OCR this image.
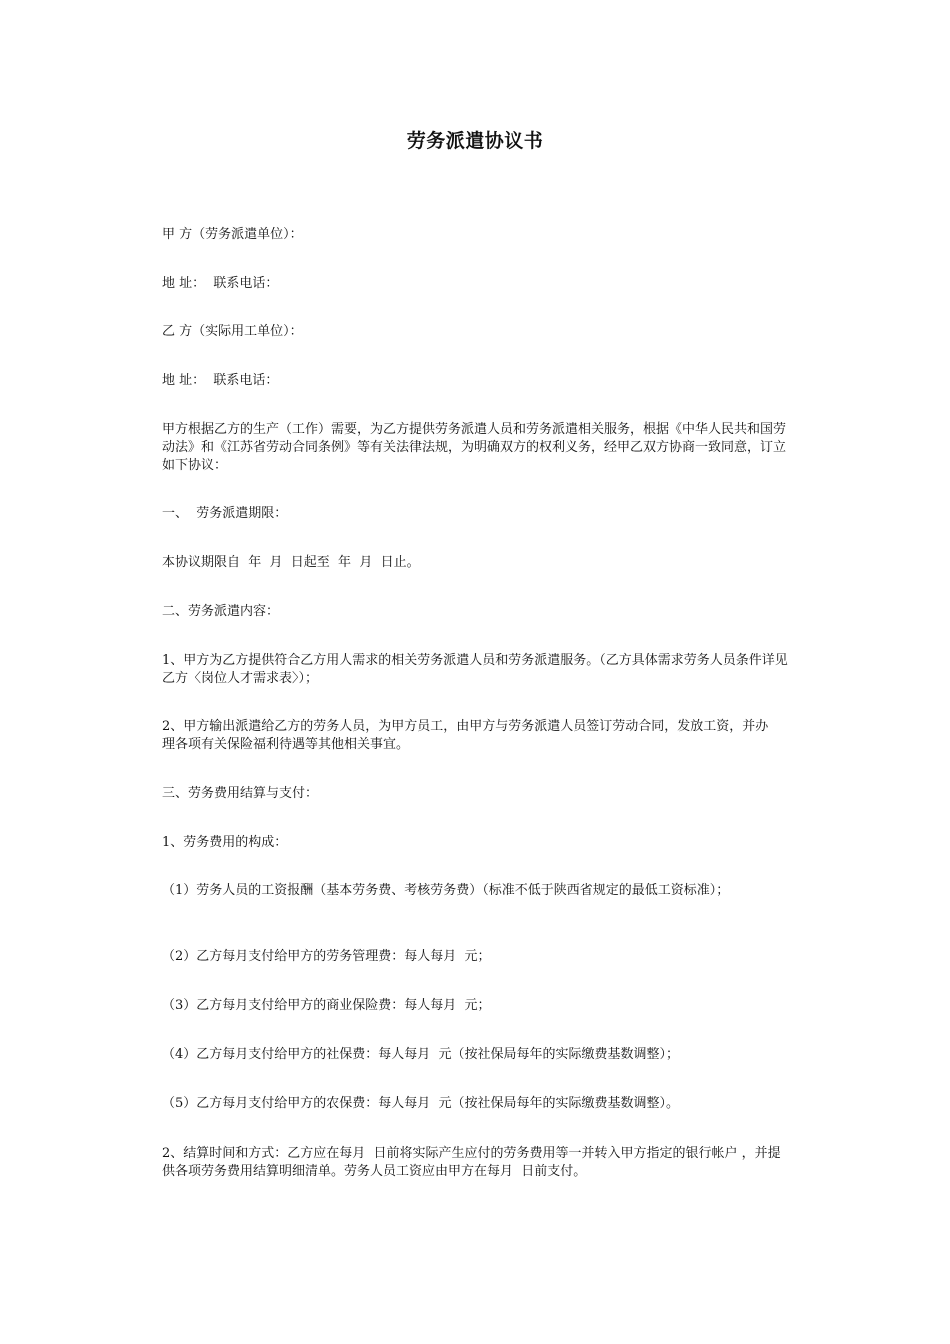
劳务派遣协议书
甲 方（劳务派遣单位）：
地 址：  联系电话：
乙 方（实际用工单位）：
地 址：  联系电话：
甲方根据乙方的生产（工作）需要，为乙方提供劳务派遣人员和劳务派遣相关服务，根据《中华人民共和国劳动法》和《江苏省劳动合同条例》等有关法律法规，为明确双方的权利义务，经甲乙双方协商一致同意，订立如下协议：
一、  劳务派遣期限：
本协议期限自  年  月  日起至  年  月  日止。
二、劳务派遣内容：
1、甲方为乙方提供符合乙方用人需求的相关劳务派遣人员和劳务派遣服务。（乙方具体需求劳务人员条件详见乙方〈岗位人才需求表〉）；
2、甲方输出派遣给乙方的劳务人员，为甲方员工，由甲方与劳务派遣人员签订劳动合同，发放工资，并办理各项有关保险福利待遇等其他相关事宜。
三、劳务费用结算与支付：
1、劳务费用的构成：
（1）劳务人员的工资报酬（基本劳务费、考核劳务费）（标准不低于陕西省规定的最低工资标准）；
（2）乙方每月支付给甲方的劳务管理费：每人每月  元；
（3）乙方每月支付给甲方的商业保险费：每人每月  元；
（4）乙方每月支付给甲方的社保费：每人每月  元（按社保局每年的实际缴费基数调整）；
（5）乙方每月支付给甲方的农保费：每人每月  元（按社保局每年的实际缴费基数调整）。
2、结算时间和方式：乙方应在每月  日前将实际产生应付的劳务费用等一并转入甲方指定的银行帐户 ，并提供各项劳务费用结算明细清单。劳务人员工资应由甲方在每月  日前支付。
